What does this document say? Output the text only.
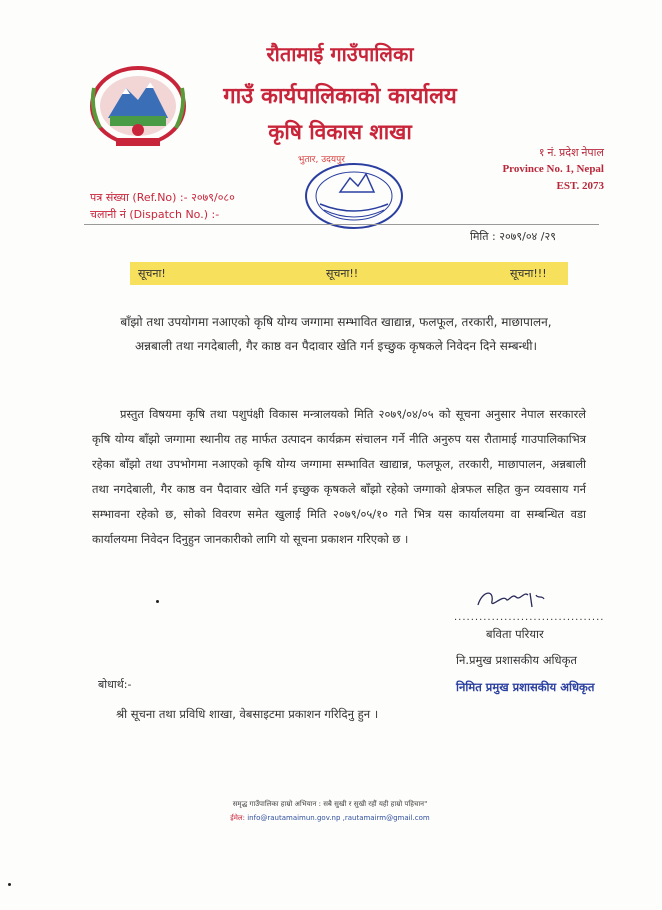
रौतामाई गाउँपालिका
गाउँ कार्यपालिकाको कार्यालय
कृषि विकास शाखा
१ नं. प्रदेश नेपाल
Province No. 1, Nepal
EST. 2073
पत्र संख्या (Ref.No) :- २०७९/०८०
चलानी नं (Dispatch No.) :-
भुतार, उदयपुर
मिति : २०७९/०४ /२९
सूचना!	सूचना!!	सूचना!!!
बाँझो तथा उपयोगमा नआएको कृषि योग्य जग्गामा सम्भावित खाद्यान्न, फलफूल, तरकारी, माछापालन, अन्नबाली तथा नगदेबाली, गैर काष्ठ वन पैदावार खेति गर्न इच्छुक कृषकले निवेदन दिने सम्बन्धी।
प्रस्तुत विषयमा कृषि तथा पशुपंक्षी विकास मन्त्रालयको मिति २०७९/०४/०५ को सूचना अनुसार नेपाल सरकारले कृषि योग्य बाँझो जग्गामा स्थानीय तह मार्फत उत्पादन कार्यक्रम संचालन गर्ने नीति अनुरुप यस रौतामाई गाउपालिकाभित्र रहेका बाँझो तथा उपभोगमा नआएको कृषि योग्य जग्गामा सम्भावित खाद्यान्न, फलफूल, तरकारी, माछापालन, अन्नबाली तथा नगदेबाली, गैर काष्ठ वन पैदावार खेति गर्न इच्छुक कृषकले बाँझो रहेको जग्गाको क्षेत्रफल सहित कुन व्यवसाय गर्न सम्भावना रहेको छ, सोको विवरण समेत खुलाई मिति २०७९/०५/१० गते भित्र यस कार्यालयमा वा सम्बन्धित वडा कार्यालयमा निवेदन दिनुहुन जानकारीको लागि यो सूचना प्रकाशन गरिएको छ ।
....................................
बविता परियार
नि.प्रमुख प्रशासकीय अधिकृत
बोधार्थ:-	निमित प्रमुख प्रशासकीय अधिकृत
श्री सूचना तथा प्रविधि शाखा, वेबसाइटमा प्रकाशन गरिदिनु हुन ।
समृद्ध गाउँपालिका हाम्रो अभियान : सबै सुखी र सुखी रहौं यही हाम्रो पहिचान"
ईमेल: info@rautamaimun.gov.np ,rautamairm@gmail.com
